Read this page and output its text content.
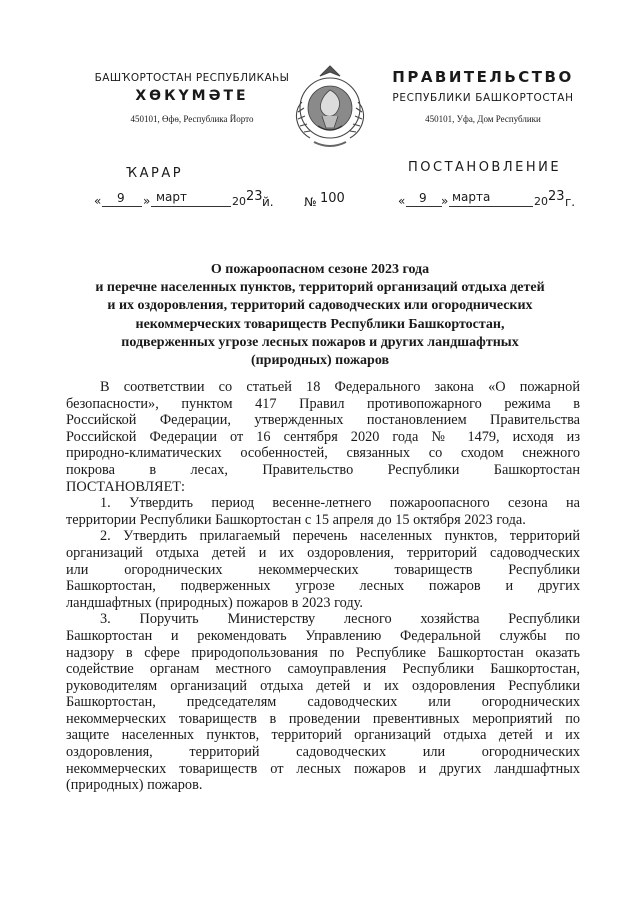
БАШҠОРТОСТАН РЕСПУБЛИКАҺЫ
ХӨКҮМӘТЕ
450101, Өфө, Республика Йорто
ПРАВИТЕЛЬСТВО
РЕСПУБЛИКИ БАШКОРТОСТАН
450101, Уфа, Дом Республики
ҠАРАР	ПОСТАНОВЛЕНИЕ
« 9 » март	20 23 й.	№ 100	« 9 » марта	20 23 г.
О пожароопасном сезоне 2023 года
и перечне населенных пунктов, территорий организаций отдыха детей
и их оздоровления, территорий садоводческих или огороднических
некоммерческих товариществ Республики Башкортостан,
подверженных угрозе лесных пожаров и других ландшафтных
(природных) пожаров

В соответствии со статьей 18 Федерального закона «О пожарной

безопасности», пунктом 417 Правил противопожарного режима в

Российской Федерации, утвержденных постановлением Правительства

Российской Федерации от 16 сентября 2020 года № 1479, исходя из

природно-климатических особенностей, связанных со сходом снежного

покрова в лесах, Правительство Республики Башкортостан

ПОСТАНОВЛЯЕТ:

1. Утвердить период весенне-летнего пожароопасного сезона на

территории Республики Башкортостан с 15 апреля до 15 октября 2023 года.

2. Утвердить прилагаемый перечень населенных пунктов, территорий

организаций отдыха детей и их оздоровления, территорий садоводческих

или огороднических некоммерческих товариществ Республики

Башкортостан, подверженных угрозе лесных пожаров и других

ландшафтных (природных) пожаров в 2023 году.

3. Поручить Министерству лесного хозяйства Республики

Башкортостан и рекомендовать Управлению Федеральной службы по

надзору в сфере природопользования по Республике Башкортостан оказать

содействие органам местного самоуправления Республики Башкортостан,

руководителям организаций отдыха детей и их оздоровления Республики

Башкортостан, председателям садоводческих или огороднических

некоммерческих товариществ в проведении превентивных мероприятий по

защите населенных пунктов, территорий организаций отдыха детей и их

оздоровления, территорий садоводческих или огороднических

некоммерческих товариществ от лесных пожаров и других ландшафтных

(природных) пожаров.
